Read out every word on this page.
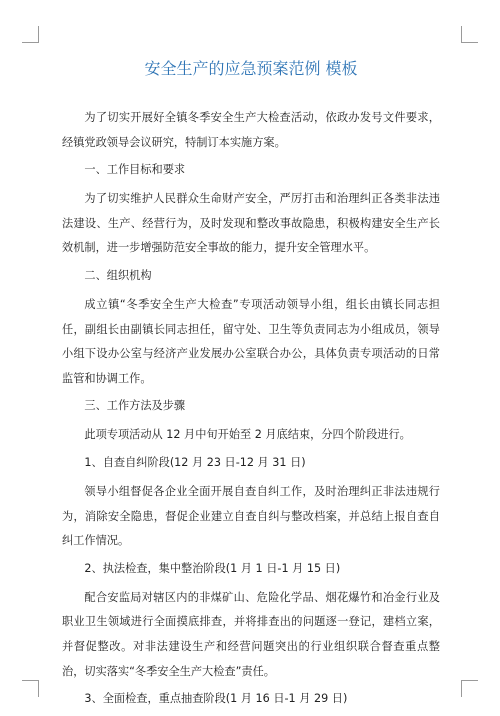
安全生产的应急预案范例 模板

为了切实开展好全镇冬季安全生产大检查活动，依政办发号文件要求，经镇党政领导会议研究，特制订本实施方案。

一、工作目标和要求

为了切实维护人民群众生命财产安全，严厉打击和治理纠正各类非法违法建设、生产、经营行为，及时发现和整改事故隐患，积极构建安全生产长效机制，进一步增强防范安全事故的能力，提升安全管理水平。

二、组织机构

成立镇“冬季安全生产大检查”专项活动领导小组，组长由镇长同志担任，副组长由副镇长同志担任，留守处、卫生等负责同志为小组成员，领导小组下设办公室与经济产业发展办公室联合办公，具体负责专项活动的日常监管和协调工作。

三、工作方法及步骤

此项专项活动从 12 月中旬开始至 2 月底结束，分四个阶段进行。

1、自查自纠阶段(12 月 23 日-12 月 31 日)

领导小组督促各企业全面开展自查自纠工作，及时治理纠正非法违规行为，消除安全隐患，督促企业建立自查自纠与整改档案，并总结上报自查自纠工作情况。

2、执法检查，集中整治阶段(1 月 1 日-1 月 15 日)

配合安监局对辖区内的非煤矿山、危险化学品、烟花爆竹和冶金行业及职业卫生领域进行全面摸底排查，并将排查出的问题逐一登记，建档立案，并督促整改。对非法建设生产和经营问题突出的行业组织联合督查重点整治，切实落实“冬季安全生产大检查”责任。

3、全面检查，重点抽查阶段(1 月 16 日-1 月 29 日)
